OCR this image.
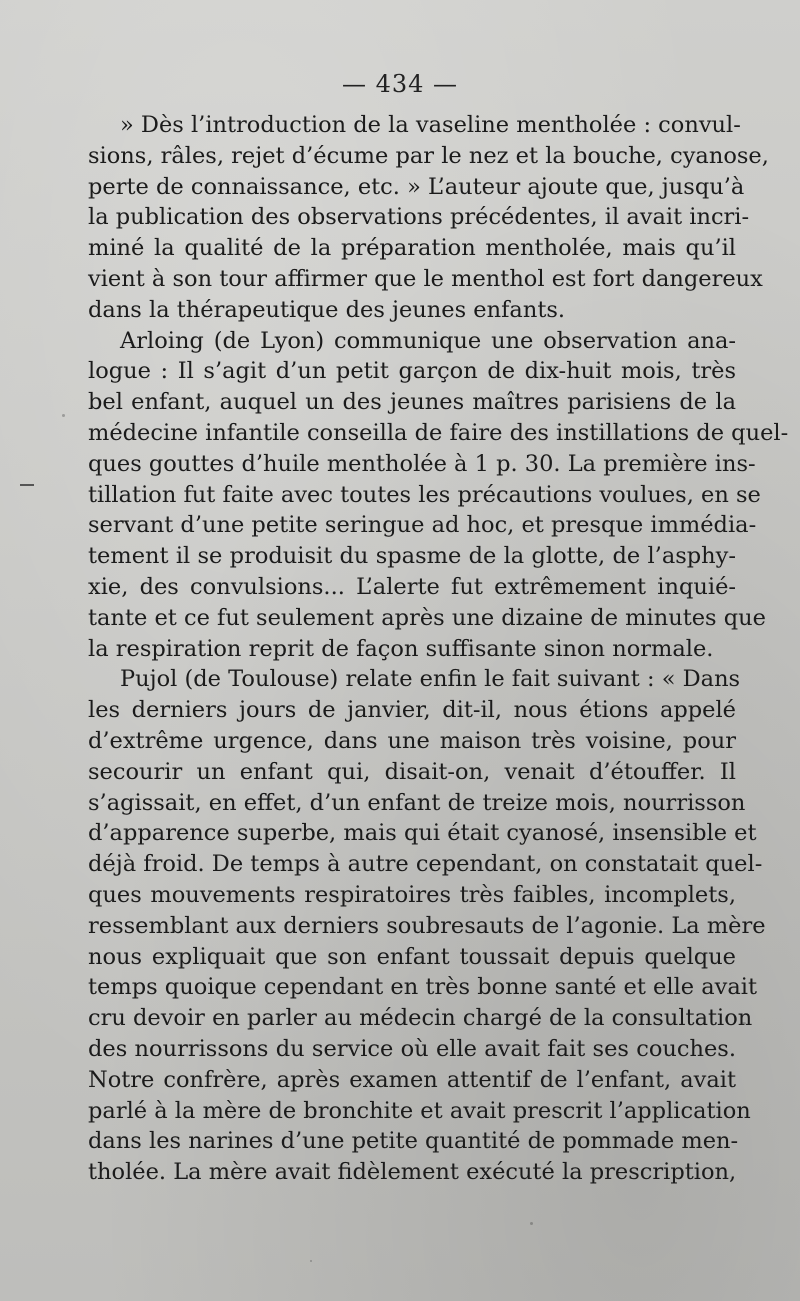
— 434 —
» Dès l’introduction de la vaseline mentholée : convul-
sions, râles, rejet d’écume par le nez et la bouche, cyanose,
perte de connaissance, etc. » L’auteur ajoute que, jusqu’à
la publication des observations précédentes, il avait incri-
miné la qualité de la préparation mentholée, mais qu’il
vient à son tour affirmer que le menthol est fort dangereux
dans la thérapeutique des jeunes enfants.
Arloing (de Lyon) communique une observation ana-
logue : Il s’agit d’un petit garçon de dix-huit mois, très
bel enfant, auquel un des jeunes maîtres parisiens de la
médecine infantile conseilla de faire des instillations de quel-
ques gouttes d’huile mentholée à 1 p. 30. La première ins-
tillation fut faite avec toutes les précautions voulues, en se
servant d’une petite seringue ad hoc, et presque immédia-
tement il se produisit du spasme de la glotte, de l’asphy-
xie, des convulsions... L’alerte fut extrêmement inquié-
tante et ce fut seulement après une dizaine de minutes que
la respiration reprit de façon suffisante sinon normale.
Pujol (de Toulouse) relate enfin le fait suivant : « Dans
les derniers jours de janvier, dit-il, nous étions appelé
d’extrême urgence, dans une maison très voisine, pour
secourir un enfant qui, disait-on, venait d’étouffer. Il
s’agissait, en effet, d’un enfant de treize mois, nourrisson
d’apparence superbe, mais qui était cyanosé, insensible et
déjà froid. De temps à autre cependant, on constatait quel-
ques mouvements respiratoires très faibles, incomplets,
ressemblant aux derniers soubresauts de l’agonie. La mère
nous expliquait que son enfant toussait depuis quelque
temps quoique cependant en très bonne santé et elle avait
cru devoir en parler au médecin chargé de la consultation
des nourrissons du service où elle avait fait ses couches.
Notre confrère, après examen attentif de l’enfant, avait
parlé à la mère de bronchite et avait prescrit l’application
dans les narines d’une petite quantité de pommade men-
tholée. La mère avait fidèlement exécuté la prescription,
